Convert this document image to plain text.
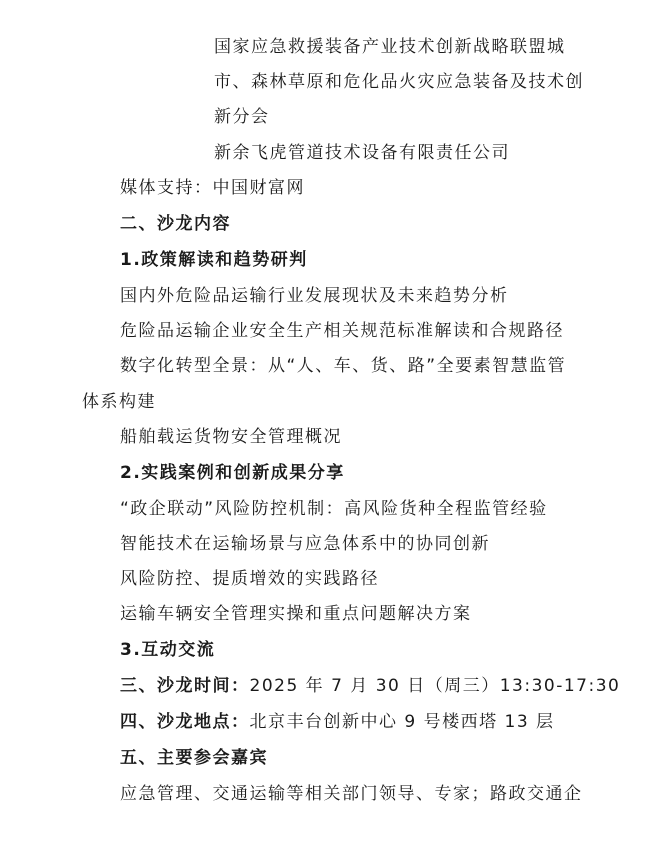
国家应急救援装备产业技术创新战略联盟城
市、森林草原和危化品火灾应急装备及技术创
新分会
新余飞虎管道技术设备有限责任公司
媒体支持：中国财富网
二、沙龙内容
1.政策解读和趋势研判
国内外危险品运输行业发展现状及未来趋势分析
危险品运输企业安全生产相关规范标准解读和合规路径
数字化转型全景：从“人、车、货、路”全要素智慧监管
体系构建
船舶载运货物安全管理概况
2.实践案例和创新成果分享
“政企联动”风险防控机制：高风险货种全程监管经验
智能技术在运输场景与应急体系中的协同创新
风险防控、提质增效的实践路径
运输车辆安全管理实操和重点问题解决方案
3.互动交流
三、沙龙时间：2025 年 7 月 30 日（周三）13:30-17:30
四、沙龙地点：北京丰台创新中心 9 号楼西塔 13 层
五、主要参会嘉宾
应急管理、交通运输等相关部门领导、专家；路政交通企
